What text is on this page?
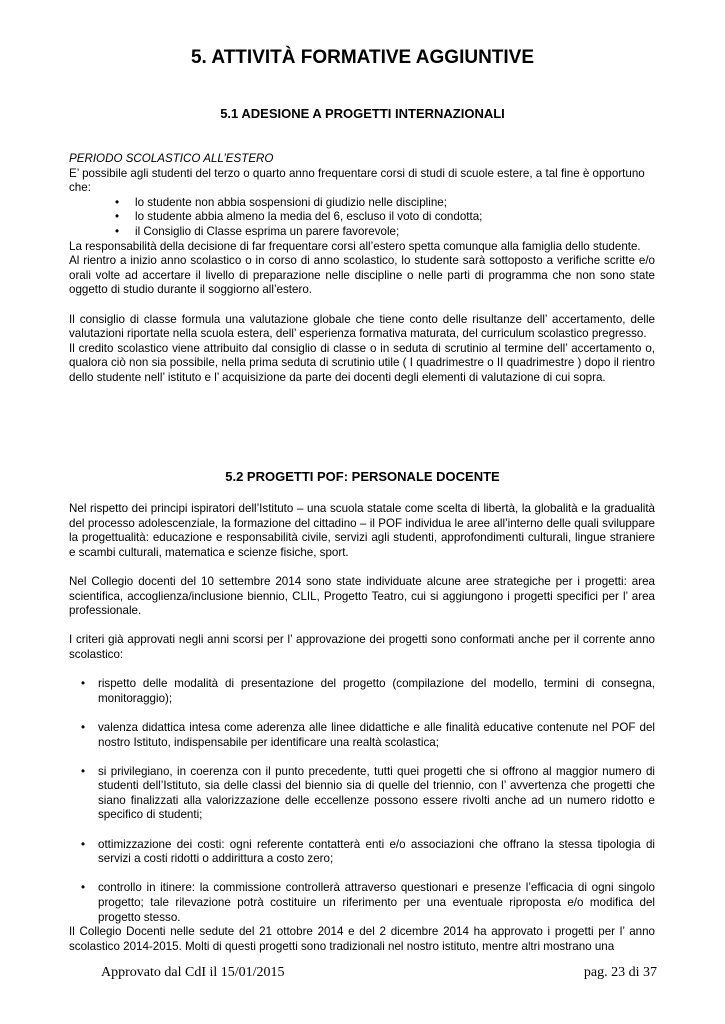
5. ATTIVITÀ FORMATIVE AGGIUNTIVE
5.1 ADESIONE A PROGETTI INTERNAZIONALI

PERIODO SCOLASTICO ALL’ESTERO

E’ possibile agli studenti del terzo o quarto anno frequentare corsi di studi di scuole estere, a tal fine è opportuno che:

• lo studente non abbia sospensioni di giudizio nelle discipline;
• lo studente abbia almeno la media del 6, escluso il voto di condotta;
• il Consiglio di Classe esprima un parere favorevole;

La responsabilità della decisione di far frequentare corsi all’estero spetta comunque alla famiglia dello studente.

Al rientro a inizio anno scolastico o in corso di anno scolastico, lo studente sarà sottoposto a verifiche scritte e/o orali volte ad accertare il livello di preparazione nelle discipline o nelle parti di programma che non sono state oggetto di studio durante il soggiorno all’estero.

Il consiglio di classe formula una valutazione globale che tiene conto delle risultanze dell’ accertamento, delle valutazioni riportate nella scuola estera, dell’ esperienza formativa maturata, del curriculum scolastico pregresso.

Il credito scolastico viene attribuito dal consiglio di classe o in seduta di scrutinio al termine dell’ accertamento o, qualora ciò non sia possibile, nella prima seduta di scrutinio utile ( I quadrimestre o II quadrimestre ) dopo il rientro dello studente nell’ istituto e l’ acquisizione da parte dei docenti degli elementi di valutazione di cui sopra.

5.2 PROGETTI POF: PERSONALE DOCENTE

Nel rispetto dei principi ispiratori dell’Istituto – una scuola statale come scelta di libertà, la globalità e la gradualità del processo adolescenziale, la formazione del cittadino – il POF individua le aree all’interno delle quali sviluppare la progettualità: educazione e responsabilità civile, servizi agli studenti, approfondimenti culturali, lingue straniere e scambi culturali, matematica e scienze fisiche, sport.

Nel Collegio docenti del 10 settembre 2014 sono state individuate alcune aree strategiche per i progetti: area scientifica, accoglienza/inclusione biennio, CLIL, Progetto Teatro, cui si aggiungono i progetti specifici per l’ area professionale.

I criteri già approvati negli anni scorsi per l’ approvazione dei progetti sono conformati anche per il corrente anno scolastico:

• rispetto delle modalità di presentazione del progetto (compilazione del modello, termini di consegna, monitoraggio);
• valenza didattica intesa come aderenza alle linee didattiche e alle finalità educative contenute nel POF del nostro Istituto, indispensabile per identificare una realtà scolastica;
• si privilegiano, in coerenza con il punto precedente, tutti quei progetti che si offrono al maggior numero di studenti dell’Istituto, sia delle classi del biennio sia di quelle del triennio, con l’ avvertenza che progetti che siano finalizzati alla valorizzazione delle eccellenze possono essere rivolti anche ad un numero ridotto e specifico di studenti;
• ottimizzazione dei costi: ogni referente contatterà enti e/o associazioni che offrano la stessa tipologia di servizi a costi ridotti o addirittura a costo zero;
• controllo in itinere: la commissione controllerà attraverso questionari e presenze l’efficacia di ogni singolo progetto; tale rilevazione potrà costituire un riferimento per una eventuale riproposta e/o modifica del progetto stesso.

Il Collegio Docenti nelle sedute del 21 ottobre 2014 e del 2 dicembre 2014 ha approvato i progetti per l’ anno scolastico 2014-2015. Molti di questi progetti sono tradizionali nel nostro istituto, mentre altri mostrano una

Approvato dal CdI il 15/01/2015	pag. 23 di 37
